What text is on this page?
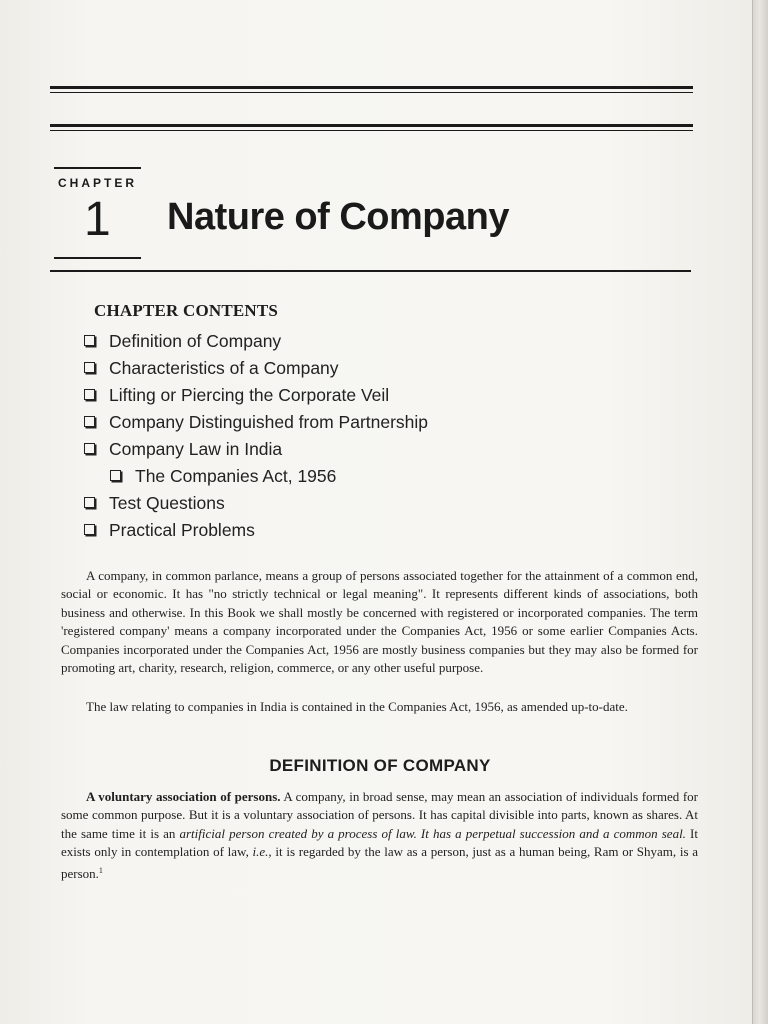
CHAPTER
1 Nature of Company
CHAPTER CONTENTS
Definition of Company
Characteristics of a Company
Lifting or Piercing the Corporate Veil
Company Distinguished from Partnership
Company Law in India
The Companies Act, 1956
Test Questions
Practical Problems

A company, in common parlance, means a group of persons associated together for the attainment of a common end, social or economic. It has "no strictly technical or legal meaning". It represents different kinds of associations, both business and otherwise. In this Book we shall mostly be concerned with registered or incorporated companies. The term 'registered company' means a company incorporated under the Companies Act, 1956 or some earlier Companies Acts. Companies incorporated under the Companies Act, 1956 are mostly business companies but they may also be formed for promoting art, charity, research, religion, commerce, or any other useful purpose.

The law relating to companies in India is contained in the Companies Act, 1956, as amended up-to-date.

DEFINITION OF COMPANY

A voluntary association of persons. A company, in broad sense, may mean an association of individuals formed for some common purpose. But it is a voluntary association of persons. It has capital divisible into parts, known as shares. At the same time it is an artificial person created by a process of law. It has a perpetual succession and a common seal. It exists only in contemplation of law, i.e., it is regarded by the law as a person, just as a human being, Ram or Shyam, is a person.$^1$
